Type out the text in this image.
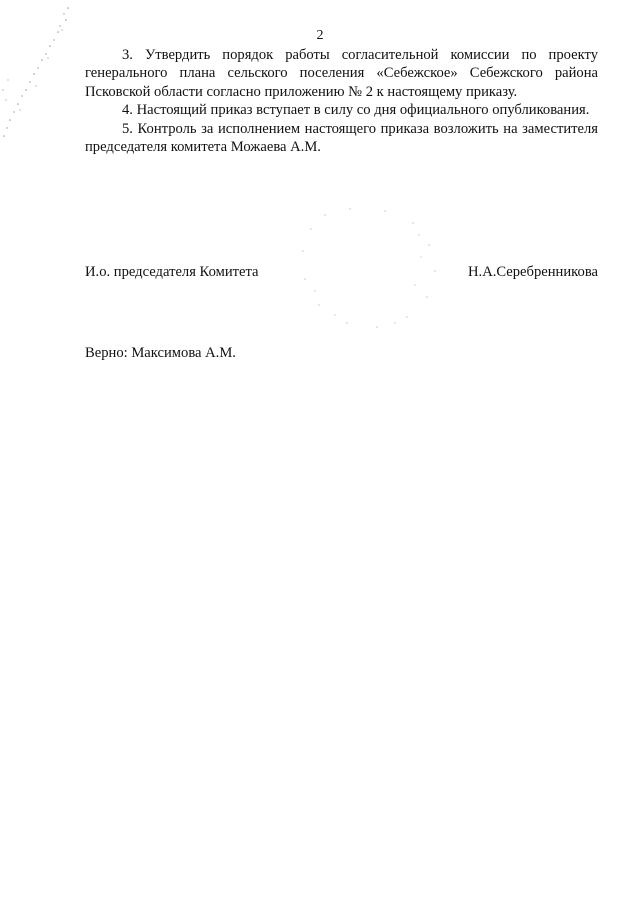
2

3. Утвердить порядок работы согласительной комиссии по проекту генерального плана сельского поселения «Себежское» Себежского района Псковской области согласно приложению № 2 к настоящему приказу.

4. Настоящий приказ вступает в силу со дня официального опубликования.

5. Контроль за исполнением настоящего приказа возложить на заместителя председателя комитета Можаева А.М.

И.о. председателя Комитета	Н.А.Серебренникова
Верно: Максимова А.М.
